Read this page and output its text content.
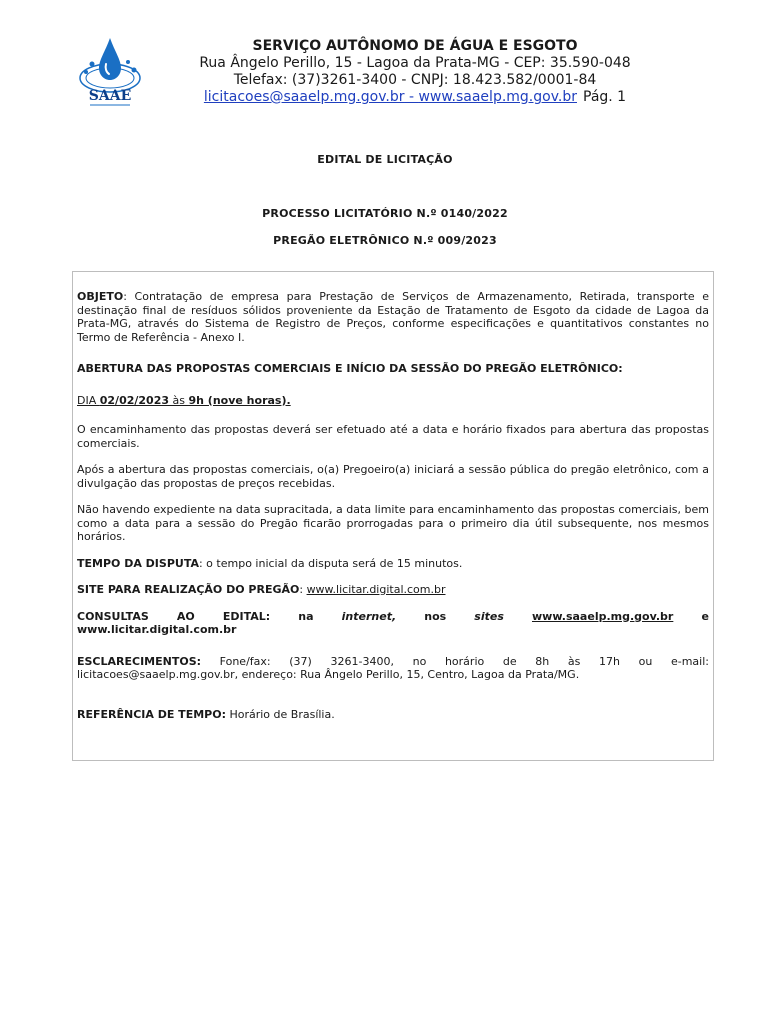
SAAE
SERVIÇO AUTÔNOMO DE ÁGUA E ESGOTO
Rua Ângelo Perillo, 15 - Lagoa da Prata-MG - CEP: 35.590-048
Telefax: (37)3261-3400 - CNPJ: 18.423.582/0001-84
licitacoes@saaelp.mg.gov.br - www.saaelp.mg.gov.br Pág. 1
EDITAL DE LICITAÇÃO
PROCESSO LICITATÓRIO N.º 0140/2022
PREGÃO ELETRÔNICO N.º 009/2023

OBJETO: Contratação de empresa para Prestação de Serviços de Armazenamento, Retirada, transporte e destinação final de resíduos sólidos proveniente da Estação de Tratamento de Esgoto da cidade de Lagoa da Prata-MG, através do Sistema de Registro de Preços, conforme especificações e quantitativos constantes no Termo de Referência - Anexo I.

ABERTURA DAS PROPOSTAS COMERCIAIS E INÍCIO DA SESSÃO DO PREGÃO ELETRÔNICO:

DIA 02/02/2023 às 9h (nove horas).

O encaminhamento das propostas deverá ser efetuado até a data e horário fixados para abertura das propostas comerciais.

Após a abertura das propostas comerciais, o(a) Pregoeiro(a) iniciará a sessão pública do pregão eletrônico, com a divulgação das propostas de preços recebidas.

Não havendo expediente na data supracitada, a data limite para encaminhamento das propostas comerciais, bem como a data para a sessão do Pregão ficarão prorrogadas para o primeiro dia útil subsequente, nos mesmos horários.

TEMPO DA DISPUTA: o tempo inicial da disputa será de 15 minutos.

SITE PARA REALIZAÇÃO DO PREGÃO: www.licitar.digital.com.br

CONSULTAS	AO	EDITAL:	na	internet,	nos	sites	www.saaelp.mg.gov.br	e
www.licitar.digital.com.br
ESCLARECIMENTOS: Fone/fax: (37) 3261-3400, no horário de 8h às 17h ou e-mail:
licitacoes@saaelp.mg.gov.br, endereço: Rua Ângelo Perillo, 15, Centro, Lagoa da Prata/MG.

REFERÊNCIA DE TEMPO: Horário de Brasília.
